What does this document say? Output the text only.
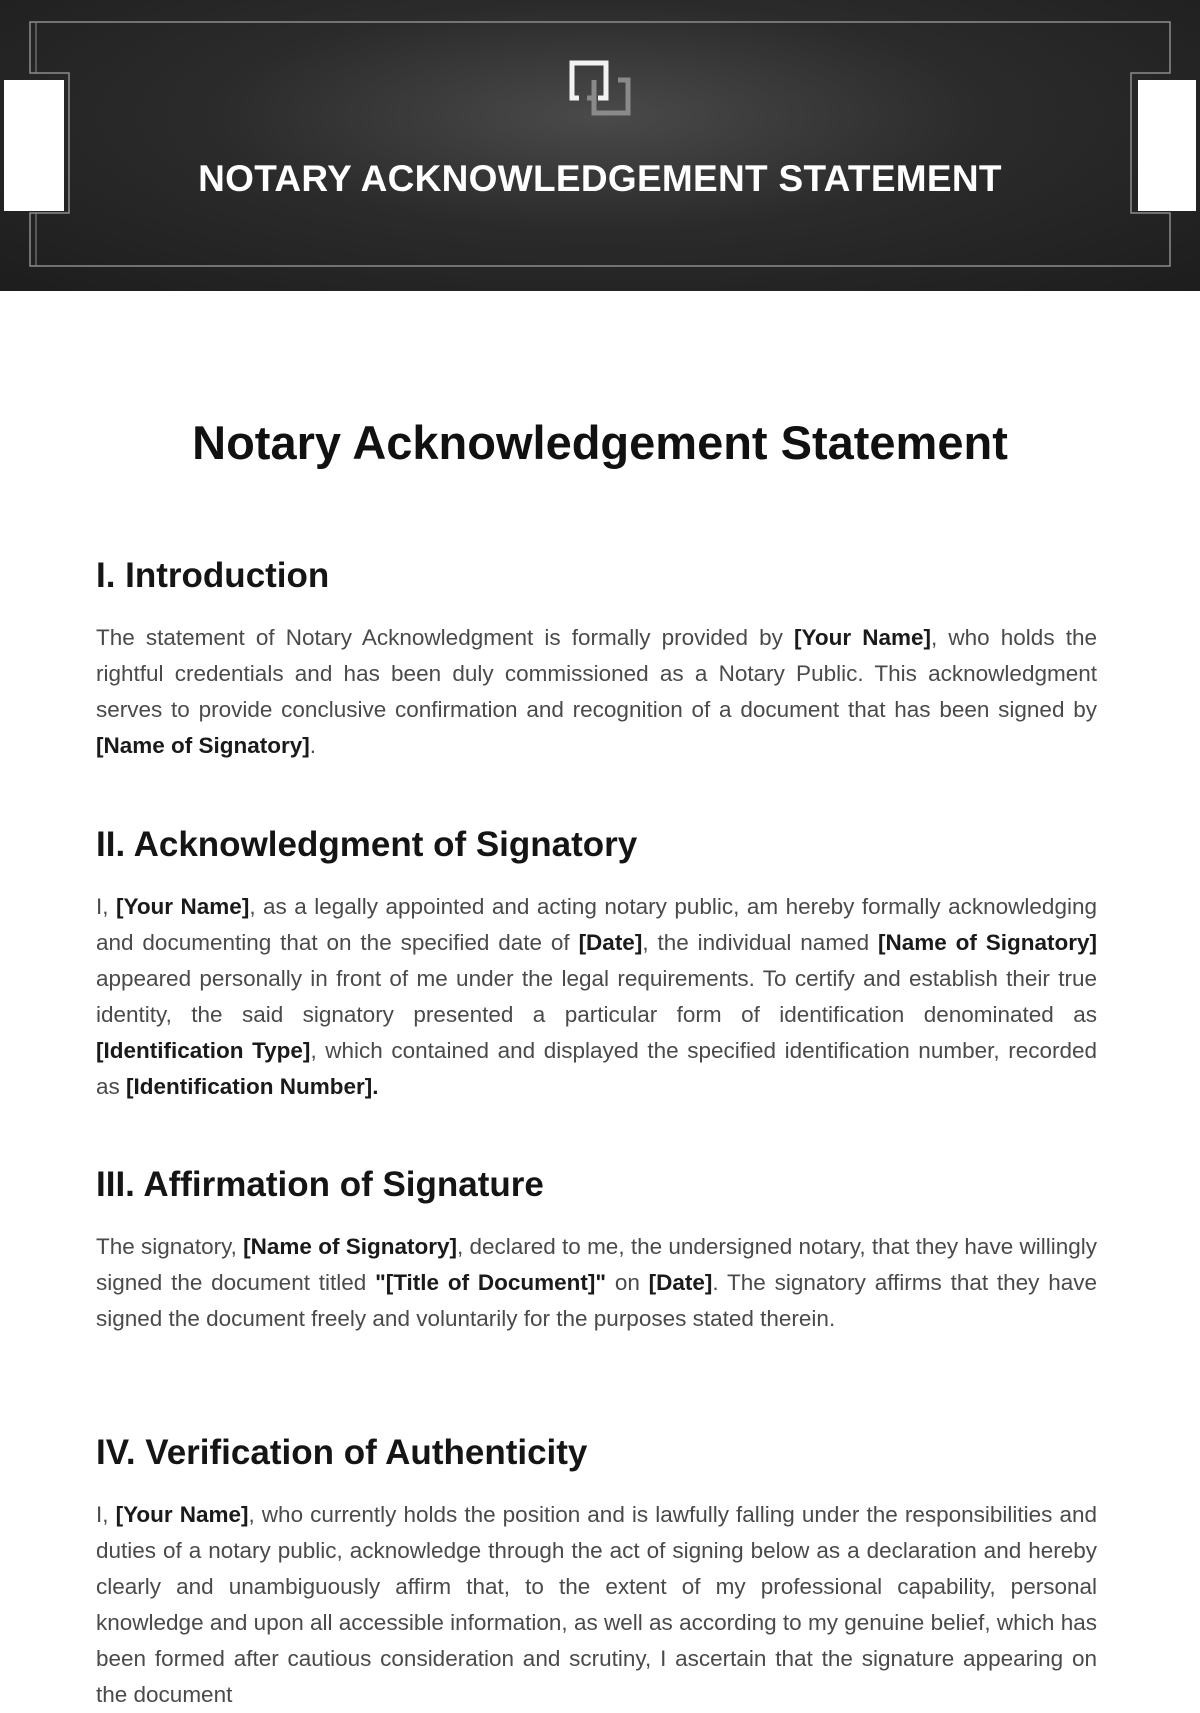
NOTARY ACKNOWLEDGEMENT STATEMENT
Notary Acknowledgement Statement
I. Introduction

The statement of Notary Acknowledgment is formally provided by [Your Name], who holds the rightful credentials and has been duly commissioned as a Notary Public. This acknowledgment serves to provide conclusive confirmation and recognition of a document that has been signed by [Name of Signatory].

II. Acknowledgment of Signatory

I, [Your Name], as a legally appointed and acting notary public, am hereby formally acknowledging and documenting that on the specified date of [Date], the individual named [Name of Signatory] appeared personally in front of me under the legal requirements. To certify and establish their true identity, the said signatory presented a particular form of identification denominated as [Identification Type], which contained and displayed the specified identification number, recorded as [Identification Number].

III. Affirmation of Signature

The signatory, [Name of Signatory], declared to me, the undersigned notary, that they have willingly signed the document titled "[Title of Document]" on [Date]. The signatory affirms that they have signed the document freely and voluntarily for the purposes stated therein.

IV. Verification of Authenticity

I, [Your Name], who currently holds the position and is lawfully falling under the responsibilities and duties of a notary public, acknowledge through the act of signing below as a declaration and hereby clearly and unambiguously affirm that, to the extent of my professional capability, personal knowledge and upon all accessible information, as well as according to my genuine belief, which has been formed after cautious consideration and scrutiny, I ascertain that the signature appearing on the document
